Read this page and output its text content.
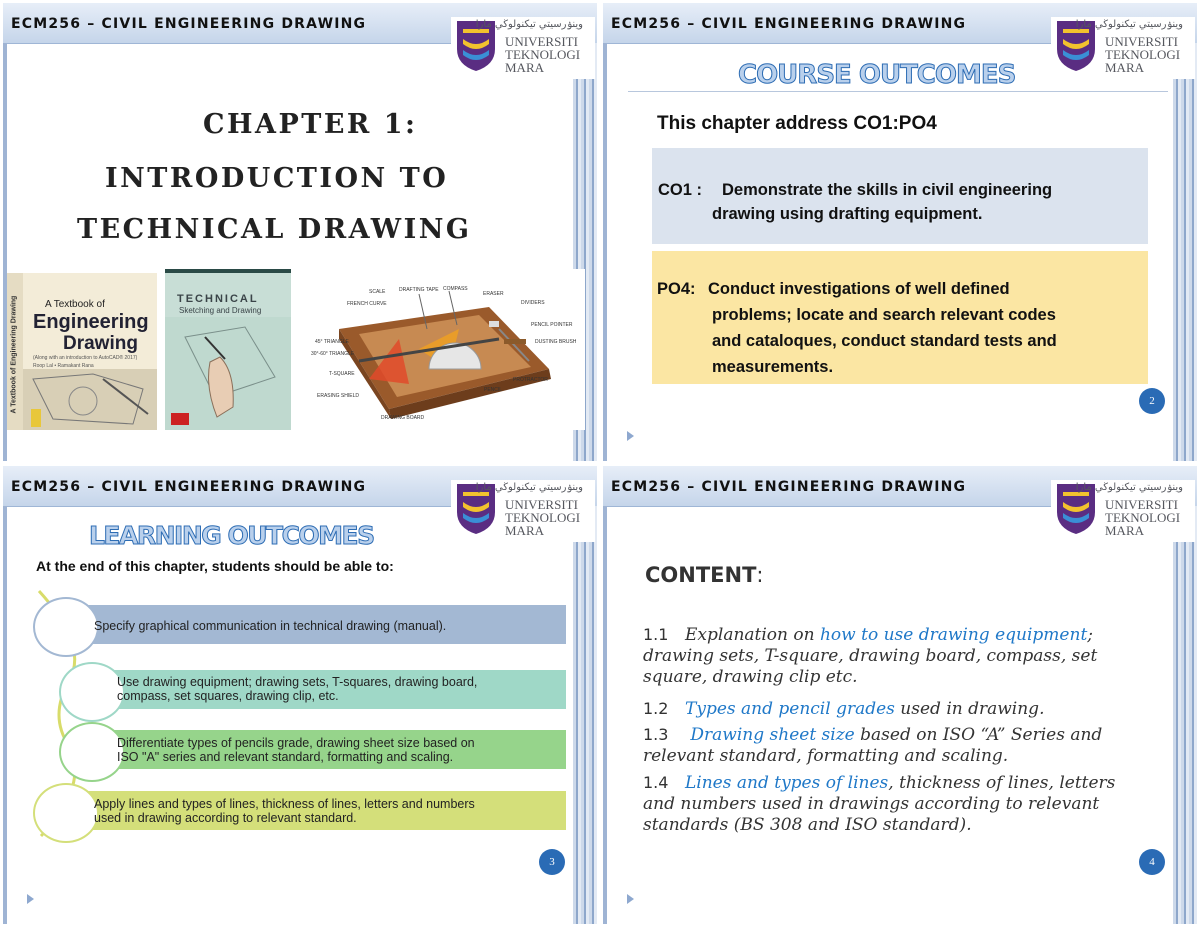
ECM256 – CIVIL ENGINEERING DRAWING	وينۏرسيتي تيكنولوڬي مارا
UNIVERSITI
TEKNOLOGI
MARA
CHAPTER 1:
INTRODUCTION TO
TECHNICAL DRAWING
A Textbook of Engineering Drawing	A Textbook of
Engineering
Drawing
(Along with an introduction to AutoCAD® 2017)
Roop Lal • Ramakant Rana
TECHNICAL
Sketching and Drawing
SCALE	DRAFTING TAPE COMPASS
ERASER
FRENCH CURVE	DIVIDERS
PENCIL POINTER
45° TRIANGLE	DUSTING BRUSH
30°-60° TRIANGLE
T-SQUARE
PROTRACTOR
PENCIL
ERASING SHIELD
DRAWING BOARD
ECM256 – CIVIL ENGINEERING DRAWING	وينۏرسيتي تيكنولوڬي مارا
UNIVERSITI
TEKNOLOGI
MARA
COURSE OUTCOMES
This chapter address CO1:PO4
CO1 : Demonstrate the skills in civil engineering
drawing using drafting equipment.
PO4: Conduct investigations of well defined
problems; locate and search relevant codes
and cataloques, conduct standard tests and
measurements.
2
ECM256 – CIVIL ENGINEERING DRAWING	وينۏرسيتي تيكنولوڬي مارا
UNIVERSITI
TEKNOLOGI
MARA
LEARNING OUTCOMES
At the end of this chapter, students should be able to:
Specify graphical communication in technical drawing (manual).
Use drawing equipment; drawing sets, T-squares, drawing board,
compass, set squares, drawing clip, etc.
Differentiate types of pencils grade, drawing sheet size based on
ISO "A" series and relevant standard, formatting and scaling.
Apply lines and types of lines, thickness of lines, letters and numbers
used in drawing according to relevant standard.
3
ECM256 – CIVIL ENGINEERING DRAWING	وينۏرسيتي تيكنولوڬي مارا
UNIVERSITI
TEKNOLOGI
MARA
CONTENT:
1.1 Explanation on how to use drawing equipment; drawing sets, T-square, drawing board, compass, set square, drawing clip etc.
1.2 Types and pencil grades used in drawing.
1.3 Drawing sheet size based on ISO “A” Series and relevant standard, formatting and scaling.
1.4 Lines and types of lines, thickness of lines, letters and numbers used in drawings according to relevant standards (BS 308 and ISO standard).
4
